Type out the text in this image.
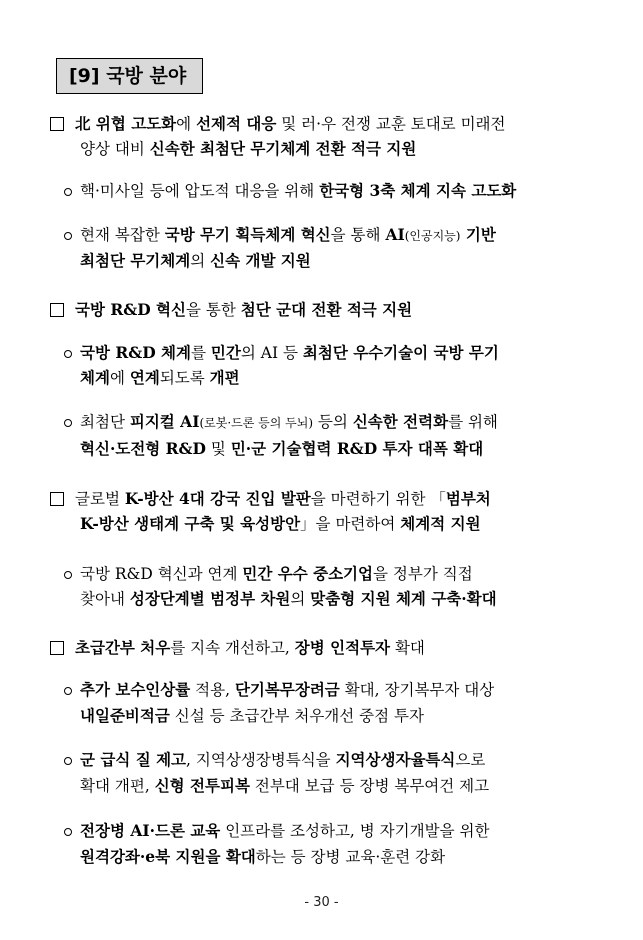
[9] 국방 분야
北 위협 고도화에 선제적 대응 및 러·우 전쟁 교훈 토대로 미래전
양상 대비 신속한 최첨단 무기체계 전환 적극 지원
핵·미사일 등에 압도적 대응을 위해 한국형 3축 체계 지속 고도화
현재 복잡한 국방 무기 획득체계 혁신을 통해 AI(인공지능) 기반
최첨단 무기체계의 신속 개발 지원
국방 R&D 혁신을 통한 첨단 군대 전환 적극 지원
국방 R&D 체계를 민간의 AI 등 최첨단 우수기술이 국방 무기
체계에 연계되도록 개편
최첨단 피지컬 AI(로봇·드론 등의 두뇌) 등의 신속한 전력화를 위해
혁신·도전형 R&D 및 민·군 기술협력 R&D 투자 대폭 확대
글로벌 K-방산 4대 강국 진입 발판을 마련하기 위한 「범부처
K-방산 생태계 구축 및 육성방안」을 마련하여 체계적 지원
국방 R&D 혁신과 연계 민간 우수 중소기업을 정부가 직접
찾아내 성장단계별 범정부 차원의 맞춤형 지원 체계 구축·확대
초급간부 처우를 지속 개선하고, 장병 인적투자 확대
추가 보수인상률 적용, 단기복무장려금 확대, 장기복무자 대상
내일준비적금 신설 등 초급간부 처우개선 중점 투자
군 급식 질 제고, 지역상생장병특식을 지역상생자율특식으로
확대 개편, 신형 전투피복 전부대 보급 등 장병 복무여건 제고
전장병 AI·드론 교육 인프라를 조성하고, 병 자기개발을 위한
원격강좌·e북 지원을 확대하는 등 장병 교육·훈련 강화
- 30 -
